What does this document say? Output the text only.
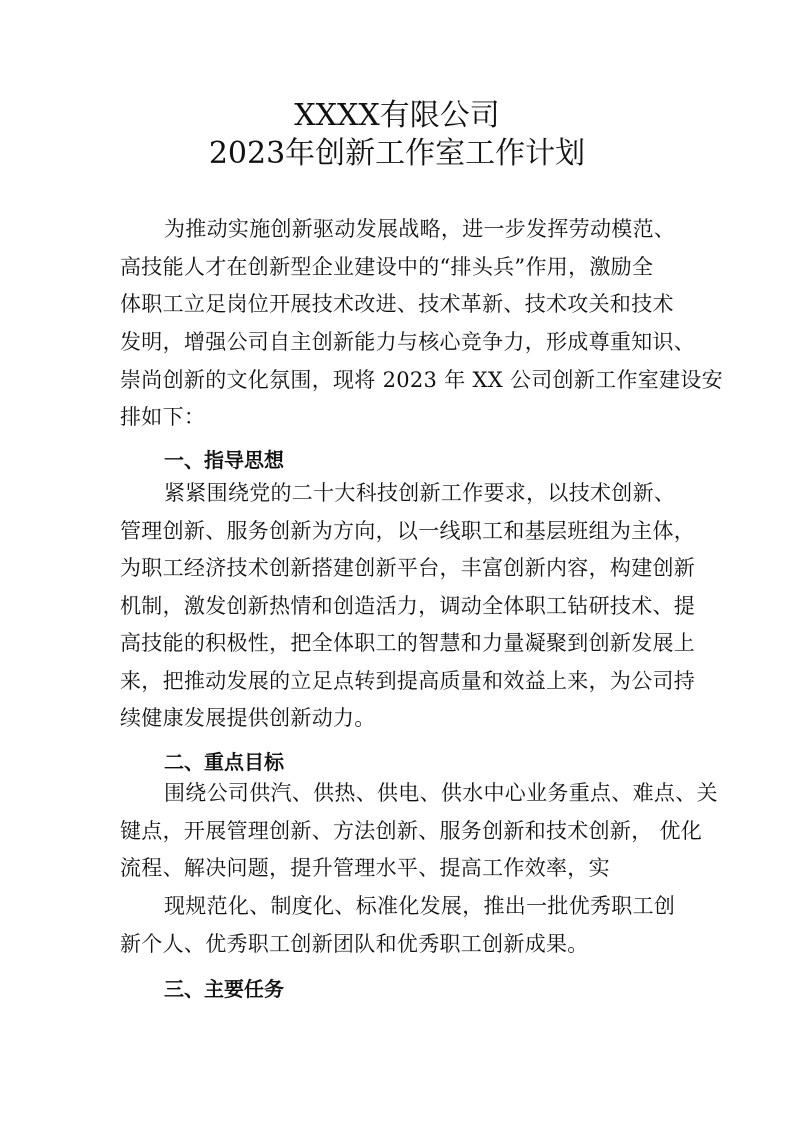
XXXX有限公司
2023年创新工作室工作计划
为推动实施创新驱动发展战略，进一步发挥劳动模范、
高技能人才在创新型企业建设中的“排头兵”作用，激励全
体职工立足岗位开展技术改进、技术革新、技术攻关和技术
发明，增强公司自主创新能力与核心竞争力，形成尊重知识、
崇尚创新的文化氛围，现将 2023 年 XX 公司创新工作室建设安
排如下：
一、指导思想
紧紧围绕党的二十大科技创新工作要求，以技术创新、
管理创新、服务创新为方向，以一线职工和基层班组为主体，
为职工经济技术创新搭建创新平台，丰富创新内容，构建创新
机制，激发创新热情和创造活力，调动全体职工钻研技术、提
高技能的积极性，把全体职工的智慧和力量凝聚到创新发展上
来，把推动发展的立足点转到提高质量和效益上来，为公司持
续健康发展提供创新动力。
二、重点目标
围绕公司供汽、供热、供电、供水中心业务重点、难点、关
键点，开展管理创新、方法创新、服务创新和技术创新， 优化
流程、解决问题，提升管理水平、提高工作效率，实
现规范化、制度化、标准化发展，推出一批优秀职工创
新个人、优秀职工创新团队和优秀职工创新成果。
三、主要任务
